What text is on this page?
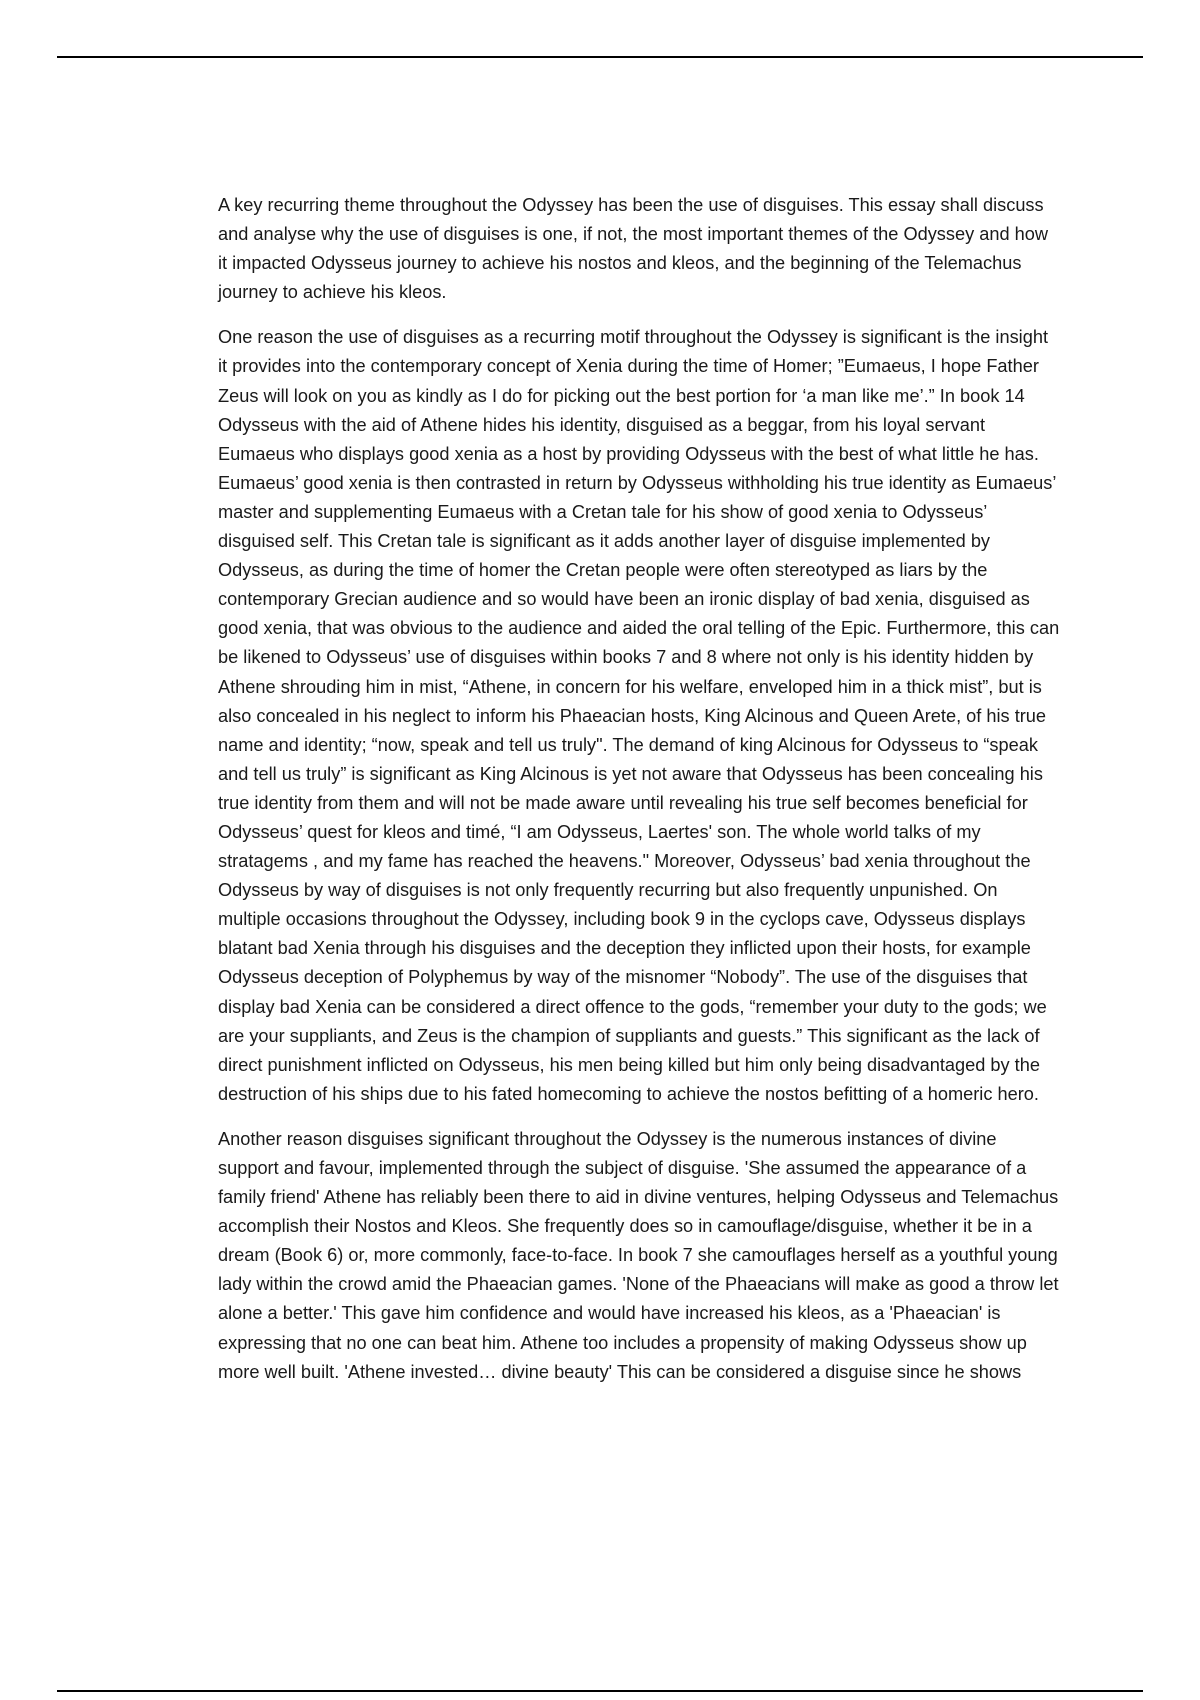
A key recurring theme throughout the Odyssey has been the use of disguises. This essay shall discuss and analyse why the use of disguises is one, if not, the most important themes of the Odyssey and how it impacted Odysseus journey to achieve his nostos and kleos, and the beginning of the Telemachus journey to achieve his kleos.

One reason the use of disguises as a recurring motif throughout the Odyssey is significant is the insight it provides into the contemporary concept of Xenia during the time of Homer; ”Eumaeus, I hope Father Zeus will look on you as kindly as I do for picking out the best portion for ‘a man like me’.” In book 14 Odysseus with the aid of Athene hides his identity, disguised as a beggar, from his loyal servant Eumaeus who displays good xenia as a host by providing Odysseus with the best of what little he has. Eumaeus’ good xenia is then contrasted in return by Odysseus withholding his true identity as Eumaeus’ master and supplementing Eumaeus with a Cretan tale for his show of good xenia to Odysseus’ disguised self. This Cretan tale is significant as it adds another layer of disguise implemented by Odysseus, as during the time of homer the Cretan people were often stereotyped as liars by the contemporary Grecian audience and so would have been an ironic display of bad xenia, disguised as good xenia, that was obvious to the audience and aided the oral telling of the Epic. Furthermore, this can be likened to Odysseus’ use of disguises within books 7 and 8 where not only is his identity hidden by Athene shrouding him in mist, “Athene, in concern for his welfare, enveloped him in a thick mist”, but is also concealed in his neglect to inform his Phaeacian hosts, King Alcinous and Queen Arete, of his true name and identity; “now, speak and tell us truly". The demand of king Alcinous for Odysseus to “speak and tell us truly” is significant as King Alcinous is yet not aware that Odysseus has been concealing his true identity from them and will not be made aware until revealing his true self becomes beneficial for Odysseus’ quest for kleos and timé, “I am Odysseus, Laertes' son. The whole world talks of my stratagems , and my fame has reached the heavens." Moreover, Odysseus’ bad xenia throughout the Odysseus by way of disguises is not only frequently recurring but also frequently unpunished. On multiple occasions throughout the Odyssey, including book 9 in the cyclops cave, Odysseus displays blatant bad Xenia through his disguises and the deception they inflicted upon their hosts, for example Odysseus deception of Polyphemus by way of the misnomer “Nobody”. The use of the disguises that display bad Xenia can be considered a direct offence to the gods, “remember your duty to the gods; we are your suppliants, and Zeus is the champion of suppliants and guests.” This significant as the lack of direct punishment inflicted on Odysseus, his men being killed but him only being disadvantaged by the destruction of his ships due to his fated homecoming to achieve the nostos befitting of a homeric hero.

Another reason disguises significant throughout the Odyssey is the numerous instances of divine support and favour, implemented through the subject of disguise. 'She assumed the appearance of a family friend' Athene has reliably been there to aid in divine ventures, helping Odysseus and Telemachus accomplish their Nostos and Kleos. She frequently does so in camouflage/disguise, whether it be in a dream (Book 6) or, more commonly, face-to-face. In book 7 she camouflages herself as a youthful young lady within the crowd amid the Phaeacian games. 'None of the Phaeacians will make as good a throw let alone a better.' This gave him confidence and would have increased his kleos, as a 'Phaeacian' is expressing that no one can beat him. Athene too includes a propensity of making Odysseus show up more well built. 'Athene invested… divine beauty' This can be considered a disguise since he shows
